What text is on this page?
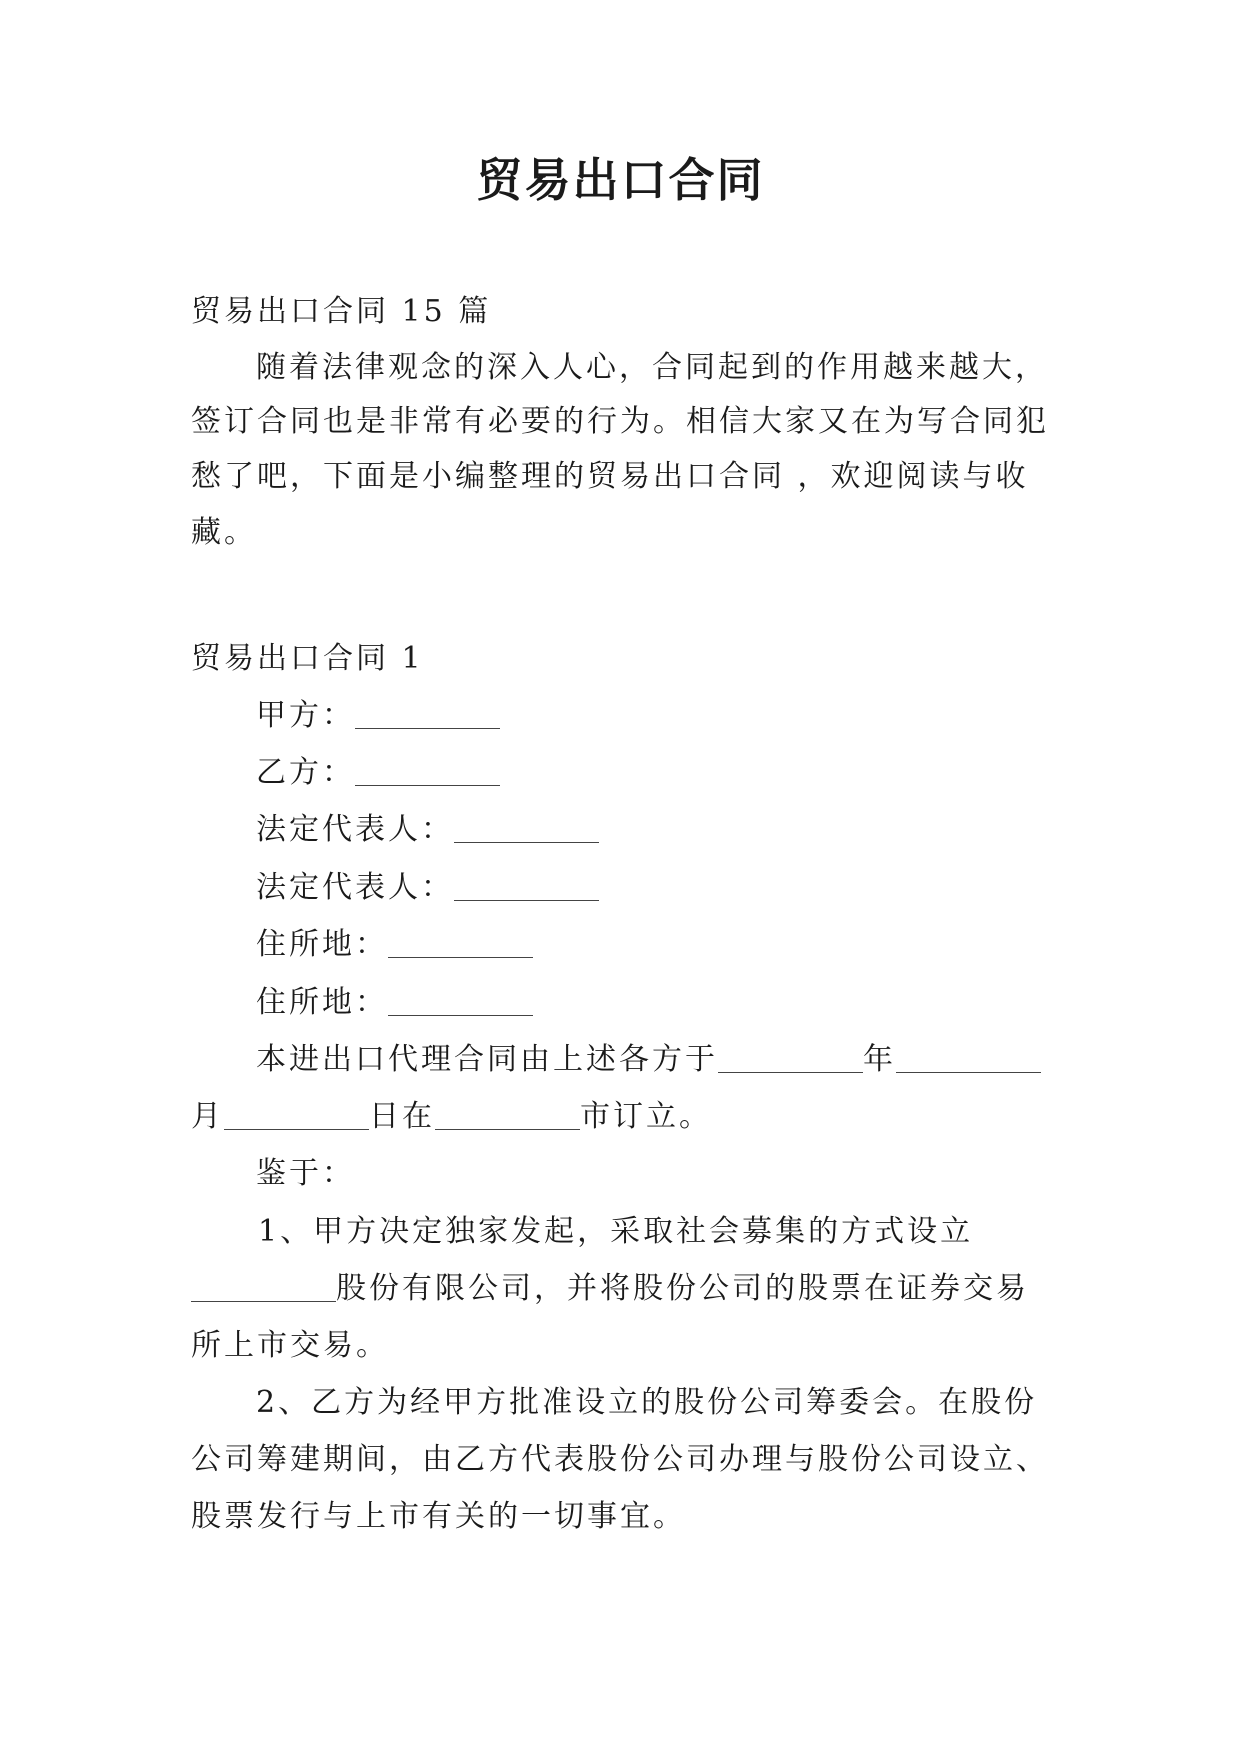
贸易出口合同
贸易出口合同 15 篇
随着法律观念的深入人心，合同起到的作用越来越大，
签订合同也是非常有必要的行为。相信大家又在为写合同犯
愁了吧，下面是小编整理的贸易出口合同 ，欢迎阅读与收
藏。
贸易出口合同 1
甲方：
乙方：
法定代表人：
法定代表人：
住所地：
住所地：
本进出口代理合同由上述各方于	年
月	日在	市订立。
鉴于：
1、甲方决定独家发起，采取社会募集的方式设立
股份有限公司，并将股份公司的股票在证券交易
所上市交易。
2、乙方为经甲方批准设立的股份公司筹委会。在股份
公司筹建期间，由乙方代表股份公司办理与股份公司设立、
股票发行与上市有关的一切事宜。
